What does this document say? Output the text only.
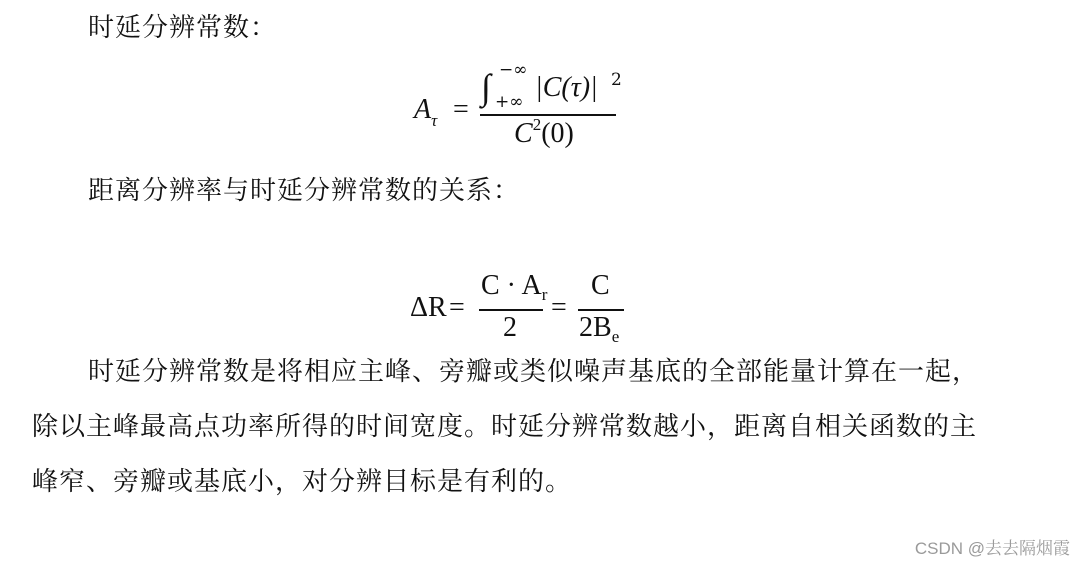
时延分辨常数：
$A_\tau$ =
∫ −∞
+∞ |C(τ)| 2
$C^2(0)$
距离分辨率与时延分辨常数的关系：
ΔR =
$C \cdot A_r$
2
=
C
$2B_e$
时延分辨常数是将相应主峰、旁瓣或类似噪声基底的全部能量计算在一起，
除以主峰最高点功率所得的时间宽度。时延分辨常数越小，距离自相关函数的主
峰窄、旁瓣或基底小，对分辨目标是有利的。
CSDN @去去隔烟霞
